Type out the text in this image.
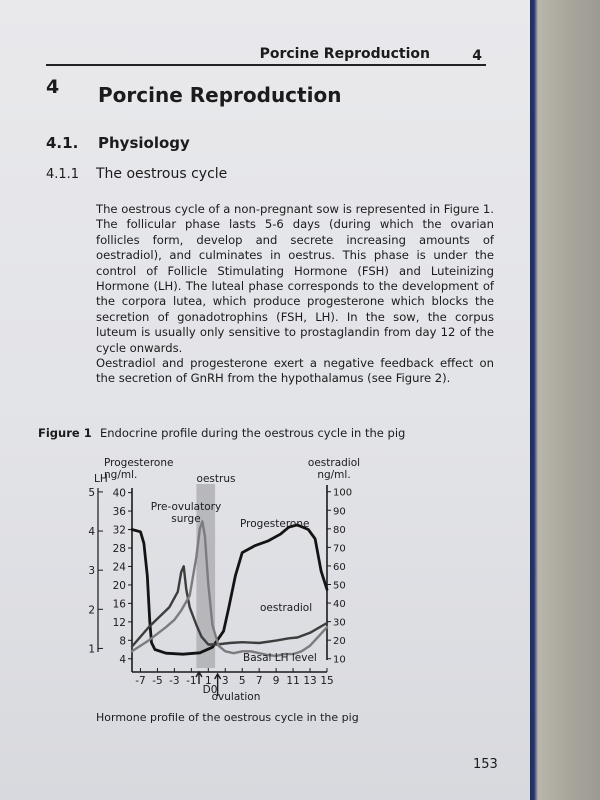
Porcine Reproduction	4
4 Porcine Reproduction
4.1. Physiology
4.1.1 The oestrous cycle

The oestrous cycle of a non-pregnant sow is represented in Figure 1.

The follicular phase lasts 5-6 days (during which the ovarian follicles form, develop and secrete increasing amounts of oestradiol), and culminates in oestrus. This phase is under the control of Follicle Stimulating Hormone (FSH) and Luteinizing Hormone (LH). The luteal phase corresponds to the development of the corpora lutea, which produce progesterone which blocks the secretion of gonadotrophins (FSH, LH). In the sow, the corpus luteum is usually only sensitive to prostaglandin from day 12 of the cycle onwards.

Oestradiol and progesterone exert a negative feedback effect on the secretion of GnRH from the hypothalamus (see Figure 2).

Figure 1 Endocrine profile during the oestrous cycle in the pig
1
2
3
4
5
4
8
12
16
20
24
28
32
36
40
10
20
30
40
50
60
70
80
90
100
-7 -5 -3 -1 1 3 5 7 9 11 13 15
LH
Progesterone ng/ml.
oestradiol ng/ml.
Pre-ovulatory surge
oestrus
Progesterone
oestradiol
Basal LH level
D0
ovulation
Hormone profile of the oestrous cycle in the pig
153
